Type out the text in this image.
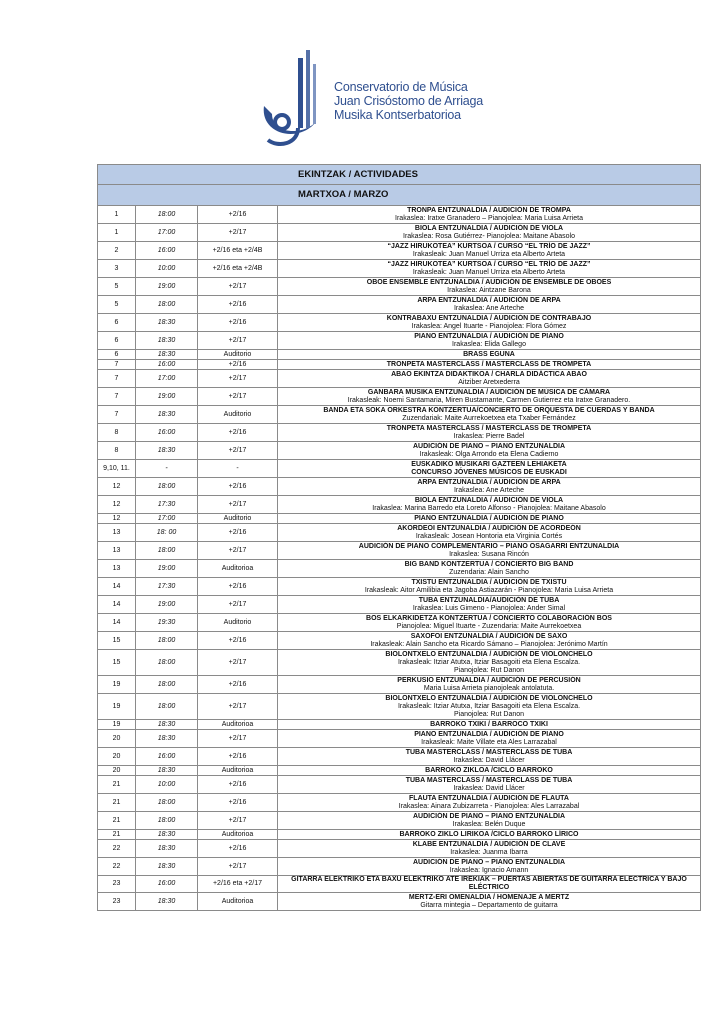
Conservatorio de Música
Juan Crisóstomo de Arriaga
Musika Kontserbatorioa
EKINTZAK / ACTIVIDADES			
MARTXOA / MARZO			
1	18:00	+2/16	TRONPA ENTZUNALDIA / AUDICIÓN DE TROMPA
Irakaslea: Iratxe Granadero – Pianojolea: Maria Luisa Arrieta

1	17:00	+2/17	BIOLA ENTZUNALDIA / AUDICIÓN DE VIOLA
Irakaslea: Rosa Gutiérrez- Pianojolea: Maitane Abasolo

2	16:00	+2/16 eta +2/4B	“JAZZ HIRUKOTEA” KURTSOA / CURSO “EL TRÍO DE JAZZ”
Irakasleak: Juan Manuel Urriza eta Alberto Arteta

3	10:00	+2/16 eta +2/4B	“JAZZ HIRUKOTEA” KURTSOA / CURSO “EL TRÍO DE JAZZ”
Irakasleak: Juan Manuel Urriza eta Alberto Arteta

5	19:00	+2/17	OBOE ENSEMBLE ENTZUNALDIA / AUDICIÓN DE ENSEMBLE DE OBOES
Irakaslea: Aintzane Barona

5	18:00	+2/16	ARPA ENTZUNALDIA / AUDICIÓN DE ARPA
Irakaslea: Ane Arteche

6	18:30	+2/16	KONTRABAXU ENTZUNALDIA / AUDICIÓN DE CONTRABAJO
Irakaslea: Angel Ituarte - Pianojolea: Flora Gómez

6	18:30	+2/17	PIANO ENTZUNALDIA / AUDICIÓN DE PIANO
Irakaslea: Elida Gallego

6	18:30	Auditorio	BRASS EGUNA

7	16:00	+2/16	TRONPETA MASTERCLASS / MASTERCLASS DE TROMPETA

7	17:00	+2/17	ABAO EKINTZA DIDAKTIKOA / CHARLA DIDÁCTICA ABAO
Aitziber Aretxederra

7	19:00	+2/17	GANBARA MUSIKA ENTZUNALDIA / AUDICIÓN DE MÚSICA DE CÁMARA
Irakasleak: Noemi Santamaria, Miren Bustamante, Carmen Gutierrez eta Iratxe Granadero.

7	18:30	Auditorio	BANDA ETA SOKA ORKESTRA KONTZERTUA/CONCIERTO DE ORQUESTA DE CUERDAS Y BANDA
Zuzendariak: Maite Aurrekoetxea eta Txaber Fernández

8	16:00	+2/16	TRONPETA MASTERCLASS / MASTERCLASS DE TROMPETA
Irakaslea: Pierre Badel

8	18:30	+2/17	AUDICIÓN DE PIANO – PIANO ENTZUNALDIA
Irakasleak: Olga Arrondo eta Elena Cadierno

9,10, 11.	-	-	EUSKADIKO MUSIKARI GAZTEEN LEHIAKETA
CONCURSO JÓVENES MÚSICOS DE EUSKADI

12	18:00	+2/16	ARPA ENTZUNALDIA / AUDICIÓN DE ARPA
Irakaslea: Ane Arteche

12	17:30	+2/17	BIOLA ENTZUNALDIA / AUDICIÓN DE VIOLA
Irakaslea: Marina Barredo eta Loreto Alfonso - Pianojolea: Maitane Abasolo

12	17:00	Auditorio	PIANO ENTZUNALDIA / AUDICIÓN DE PIANO

13	18: 00	+2/16	AKORDEOI ENTZUNALDIA / AUDICIÓN DE ACORDEÓN
Irakasleak: Josean Hontoria eta Virginia Cortés

13	18:00	+2/17	AUDICIÓN DE PIANO COMPLEMENTARIO – PIANO OSAGARRI ENTZUNALDIA
Irakaslea: Susana Rincón

13	19:00	Auditorioa	BIG BAND KONTZERTUA / CONCIERTO BIG BAND
Zuzendaria: Alain Sancho

14	17:30	+2/16	TXISTU ENTZUNALDIA / AUDICIÓN DE TXISTU
Irakasleak: Aitor Amilibia eta Jagoba Astiazarán - Pianojolea: Maria Luisa Arrieta

14	19:00	+2/17	TUBA ENTZUNALDIA/AUDICIÓN DE TUBA
Irakaslea: Luis Gimeno - Pianojolea: Ander Simal

14	19:30	Auditorio	BOS ELKARKIDETZA KONTZERTUA / CONCIERTO COLABORACIÓN BOS
Pianojolea: Miguel Ituarte - Zuzendaria: Maite Aurrekoetxea

15	18:00	+2/16	SAXOFOI ENTZUNALDIA / AUDICIÓN DE SAXO
Irakasleak: Alain Sancho eta Ricardo Sámano – Pianojolea: Jerónimo Martín

15	18:00	+2/17	BIOLONTXELO ENTZUNALDIA / AUDICIÓN DE VIOLONCHELO
Irakasleak: Itziar Atutxa, Itziar Basagoiti eta Elena Escalza.
Pianojolea: Rut Danon

19	18:00	+2/16	PERKUSIO ENTZUNALDIA / AUDICIÓN DE PERCUSIÓN
Maria Luisa Arrieta pianojoleak antolatuta.

19	18:00	+2/17	BIOLONTXELO ENTZUNALDIA / AUDICIÓN DE VIOLONCHELO
Irakasleak: Itziar Atutxa, Itziar Basagoiti eta Elena Escalza.
Pianojolea: Rut Danon

19	18:30	Auditorioa	BARROKO TXIKI / BARROCO TXIKI

20	18:30	+2/17	PIANO ENTZUNALDIA / AUDICIÓN DE PIANO
Irakasleak: Maite Villate eta Ales Larrazabal

20	16:00	+2/16	TUBA MASTERCLASS / MASTERCLASS DE TUBA
Irakaslea: David Llácer

20	18:30	Auditorioa	BARROKO ZIKLOA /CICLO BARROKO

21	10:00	+2/16	TUBA MASTERCLASS / MASTERCLASS DE TUBA
Irakaslea: David Llácer

21	18:00	+2/16	FLAUTA ENTZUNALDIA / AUDICIÓN DE FLAUTA
Irakaslea: Ainara Zubizarreta - Pianojolea: Ales Larrazabal

21	18:00	+2/17	AUDICIÓN DE PIANO – PIANO ENTZUNALDIA
Irakaslea: Belén Duque

21	18:30	Auditorioa	BARROKO ZIKLO LIRIKOA /CICLO BARROKO LÍRICO

22	18:30	+2/16	KLABE ENTZUNALDIA / AUDICIÓN DE CLAVE
Irakaslea: Juanma Ibarra

22	18:30	+2/17	AUDICIÓN DE PIANO – PIANO ENTZUNALDIA
Irakaslea: Ignacio Amann

23	16:00	+2/16 eta +2/17	GITARRA ELEKTRIKO ETA BAXU ELEKTRIKO ATE IREKIAK – PUERTAS ABIERTAS DE GUITARRA ELÉCTRICA Y BAJO ELÉCTRICO

23	18:30	Auditorioa	MERTZ-ERI OMENALDIA / HOMENAJE A MERTZ
Gitarra mintegia – Departamento de guitarra
